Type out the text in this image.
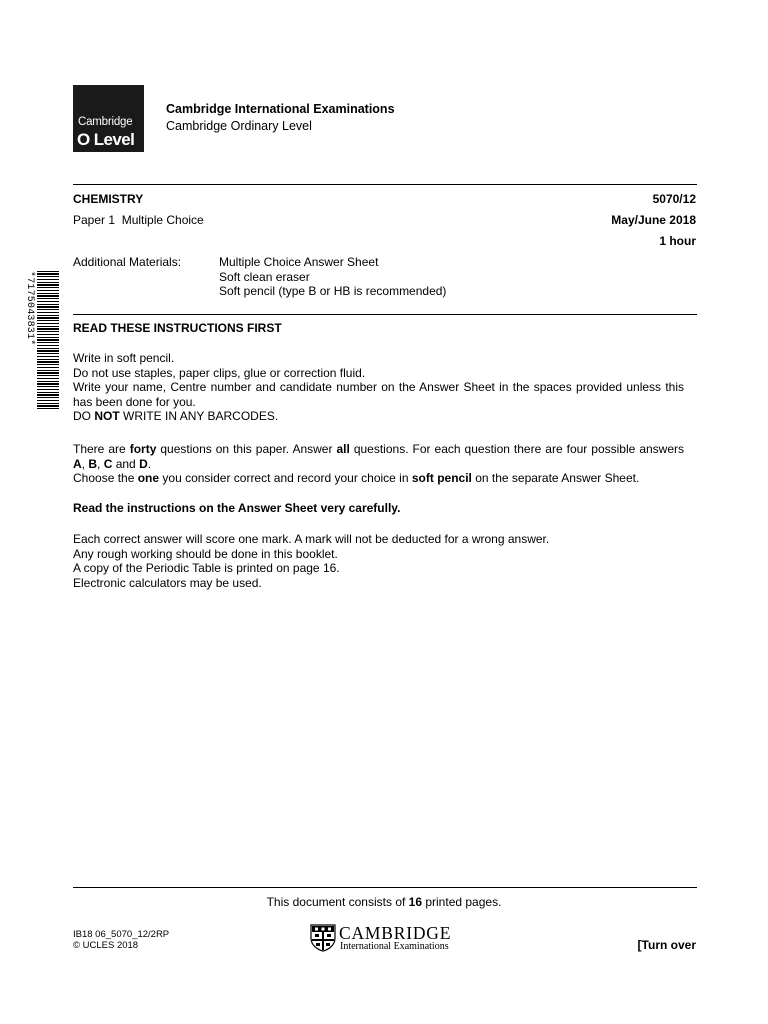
Cambridge
O Level
Cambridge International Examinations
Cambridge Ordinary Level
CHEMISTRY	5070/12
Paper 1  Multiple Choice	May/June 2018
1 hour
Additional Materials:	Multiple Choice Answer Sheet
Soft clean eraser
Soft pencil (type B or HB is recommended)
*7175043831*	READ THESE INSTRUCTIONS FIRST
Write in soft pencil.
Do not use staples, paper clips, glue or correction fluid.
Write your name, Centre number and candidate number on the Answer Sheet in the spaces provided unless this has been done for you.
DO NOT WRITE IN ANY BARCODES.
There are forty questions on this paper. Answer all questions. For each question there are four possible answers A, B, C and D.
Choose the one you consider correct and record your choice in soft pencil on the separate Answer Sheet.
Read the instructions on the Answer Sheet very carefully.
Each correct answer will score one mark. A mark will not be deducted for a wrong answer.
Any rough working should be done in this booklet.
A copy of the Periodic Table is printed on page 16.
Electronic calculators may be used.
This document consists of 16 printed pages.
IB18 06_5070_12/2RP
© UCLES 2018
CAMBRIDGE
International Examinations	[Turn over
